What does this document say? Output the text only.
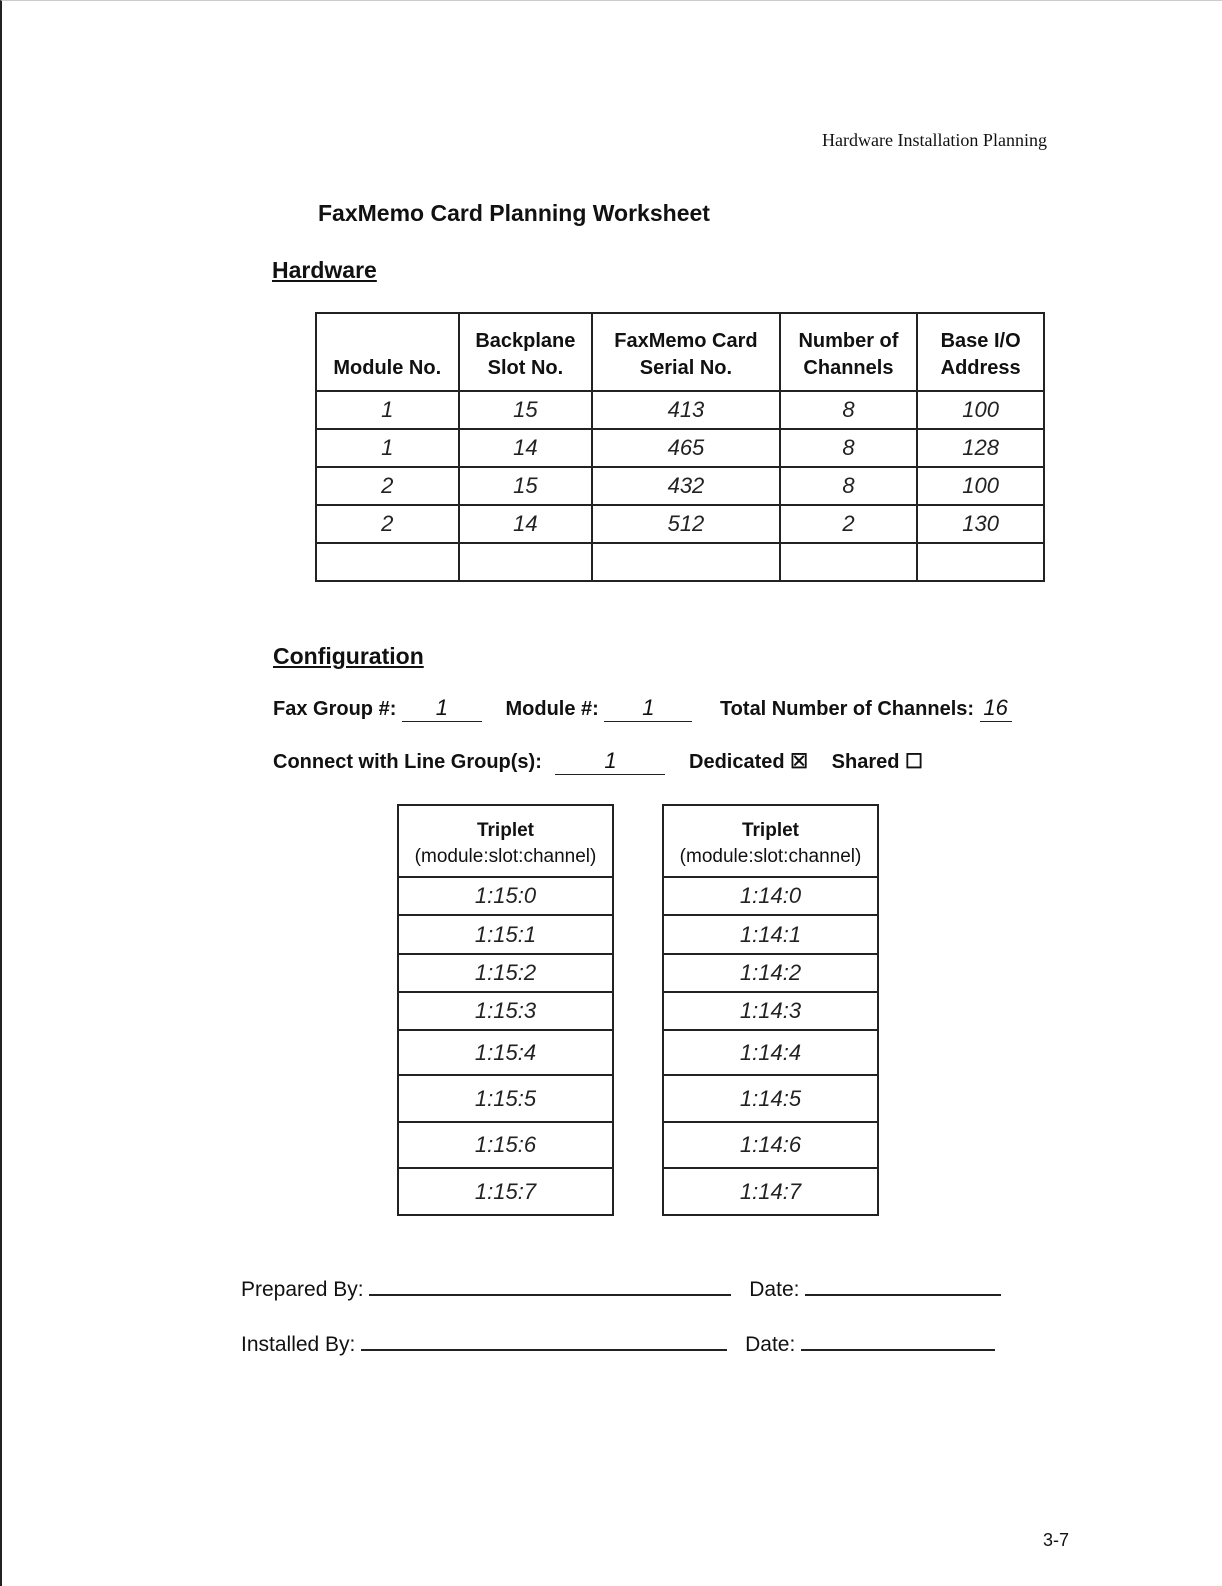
Hardware Installation Planning
FaxMemo Card Planning Worksheet
Hardware
Module No.	Backplane Slot No.	FaxMemo Card Serial No.	Number of Channels	Base I/O Address
1	15	413	8	100
1	14	465	8	128
2	15	432	8	100
2	14	512	2	130

Configuration
Fax Group #: 1	Module #: 1	Total Number of Channels: 16
Connect with Line Group(s):	1	Dedicated ☒ Shared ☐
Triplet
(module:slot:channel)

1:15:0
1:15:1
1:15:2
1:15:3
1:15:4
1:15:5
1:15:6
1:15:7
Triplet
(module:slot:channel)

1:14:0
1:14:1
1:14:2
1:14:3
1:14:4
1:14:5
1:14:6
1:14:7
Prepared By:	Date:
Installed By:	Date:
3-7
